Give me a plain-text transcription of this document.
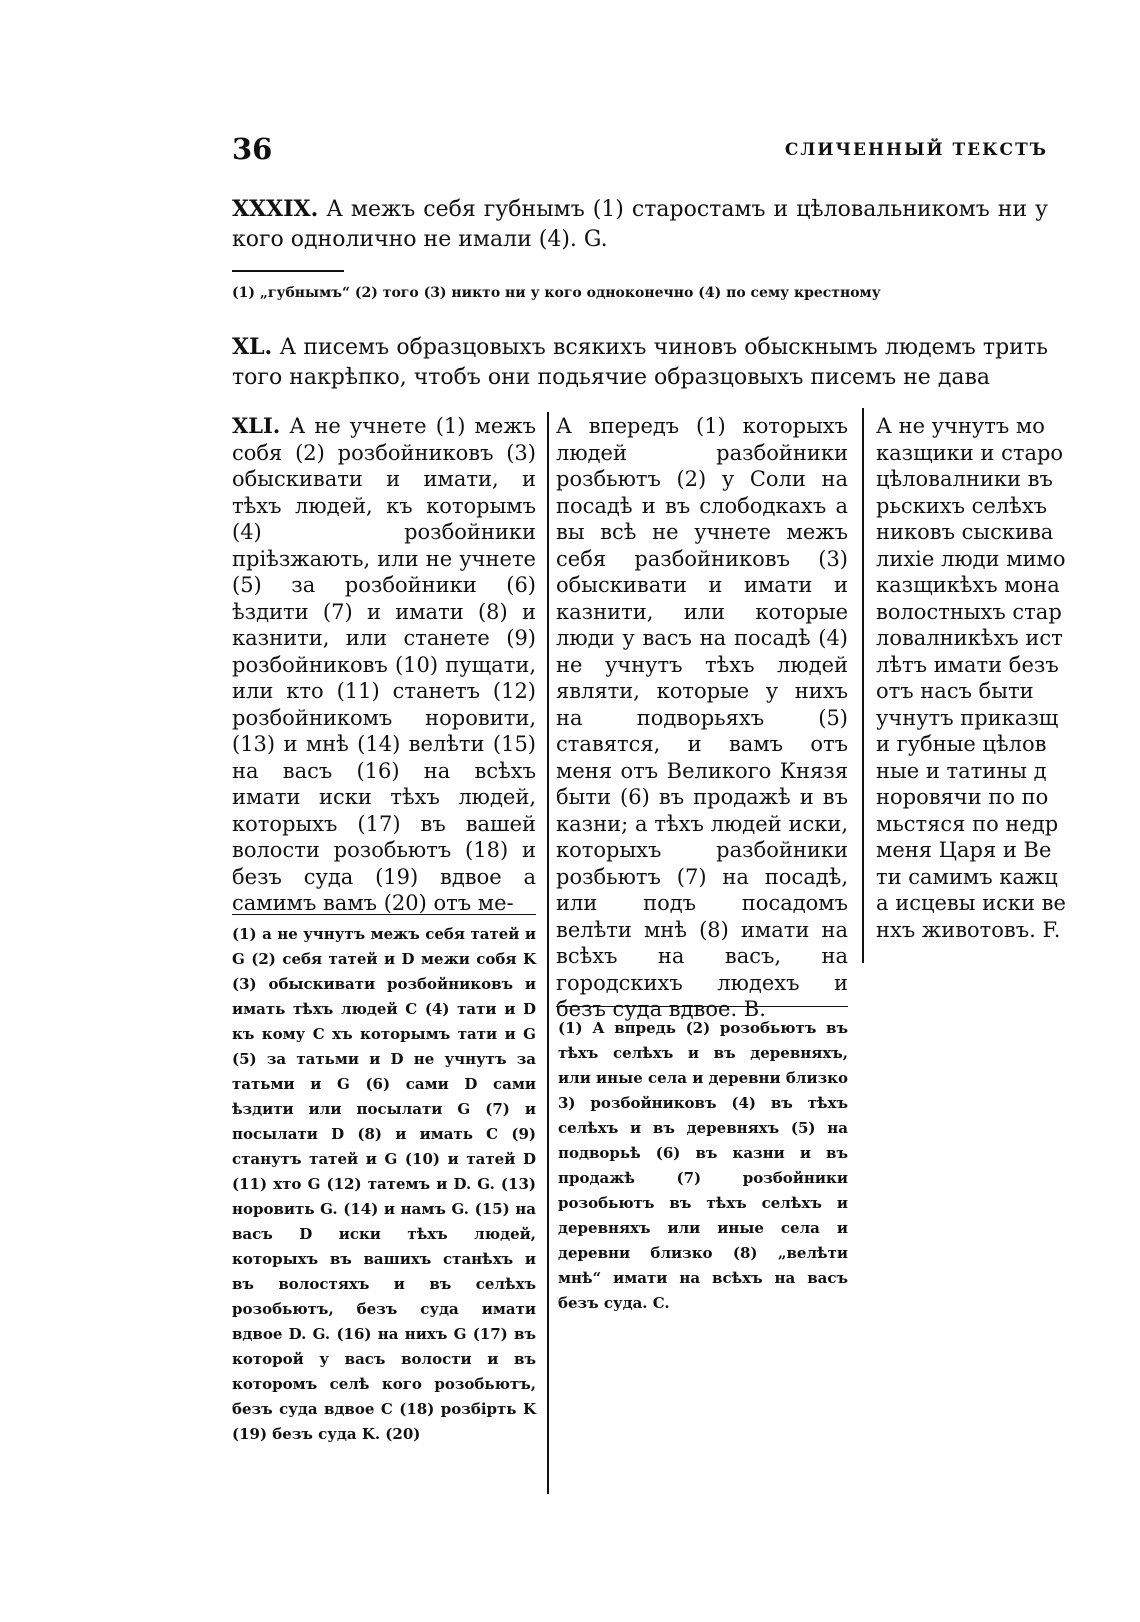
36	СЛИЧЕННЫЙ ТЕКСТЪ
XXXIX. А межъ себя губнымъ (1) старостамъ и цѣловальникомъ ни у кого однолично не имали (4). G.
(1) „губнымъ“ (2) того (3) никто ни у кого одноконечно (4) по сему крестному
XL. А писемъ образцовыхъ всякихъ чиновъ обыскнымъ людемъ трить того накрѣпко, чтобъ они подьячие образцовыхъ писемъ не дава
XLI. А не учнете (1) межъ собя (2) розбойниковъ (3) обыскивати и имати, и тѣхъ людей, къ которымъ (4) розбойники прiѣзжають, или не учнете (5) за розбойники (6) ѣздити (7) и имати (8) и казнити, или станете (9) розбойниковъ (10) пущати, или кто (11) станетъ (12) розбойникомъ норовити, (13) и мнѣ (14) велѣти (15) на васъ (16) на всѣхъ имати иски тѣхъ людей, которыхъ (17) въ вашей волости розобьютъ (18) и безъ суда (19) вдвое а самимъ вамъ (20) отъ ме-
А впередъ (1) которыхъ людей разбойники розбьютъ (2) у Соли на посадѣ и въ слободкахъ а вы всѣ не учнете межъ себя разбойниковъ (3) обыскивати и имати и казнити, или которые люди у васъ на посадѣ (4) не учнутъ тѣхъ людей являти, которые у нихъ на подворьяхъ (5) ставятся, и вамъ отъ меня отъ Великого Князя быти (6) въ продажѣ и въ казни; а тѣхъ людей иски, которыхъ разбойники розбьютъ (7) на посадѣ, или подъ посадомъ велѣти мнѣ (8) имати на всѣхъ на васъ, на городскихъ людехъ и безъ суда вдвое. B.
А не учнутъ мо
казщики и старо
цѣловалники въ
рьскихъ селѣхъ
никовъ сыскива
лихiе люди мимо
казщикѣхъ мона
волостныхъ стар
ловалникѣхъ ист
лѣтъ имати безъ
отъ насъ быти
учнутъ приказщ
и губные цѣлов
ные и татины д
норовячи по по
мьстяся по недр
меня Царя и Ве
ти самимъ кажц
а исцевы иски ве
нхъ животовъ. F.
(1) а не учнутъ межъ себя татей и G (2) себя татей и D межи собя K (3) обыскивати розбойниковъ и имать тѣхъ людей C (4) тати и D къ кому C хъ которымъ тати и G (5) за татьми и D не учнутъ за татьми и G (6) сами D сами ѣздити или посылати G (7) и посылати D (8) и имать C (9) станутъ татей и G (10) и татей D (11) хто G (12) татемъ и D. G. (13) норовить G. (14) и намъ G. (15) на васъ D иски тѣхъ людей, которыхъ въ вашихъ станѣхъ и въ волостяхъ и въ селѣхъ розобьютъ, безъ суда имати вдвое D. G. (16) на нихъ G (17) въ которой у васъ волости и въ которомъ селѣ кого розобьютъ, безъ суда вдвое C (18) розбiрть K (19) безъ суда K. (20)
(1) А впредь (2) розобьютъ въ тѣхъ селѣхъ и въ деревняхъ, или иные села и деревни близко 3) розбойниковъ (4) въ тѣхъ селѣхъ и въ деревняхъ (5) на подворьѣ (6) въ казни и въ продажѣ (7) розбойники розобьютъ въ тѣхъ селѣхъ и деревняхъ или иные села и деревни близко (8) „велѣти мнѣ“ имати на всѣхъ на васъ безъ суда. C.
